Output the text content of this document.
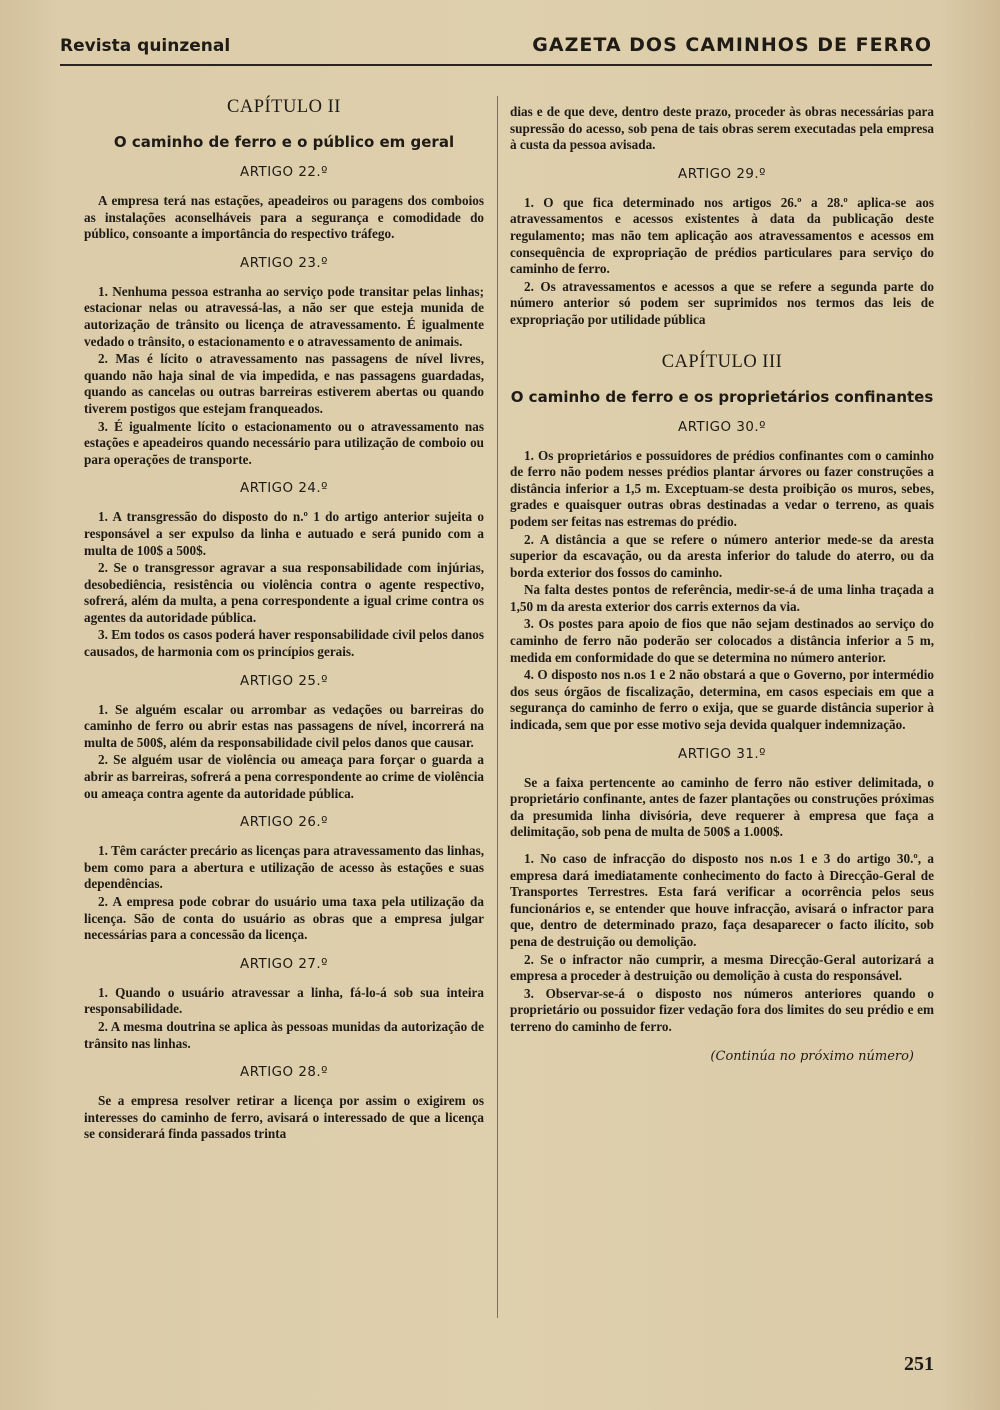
Revista quinzenal	GAZETA DOS CAMINHOS DE FERRO
CAPÍTULO II
O caminho de ferro e o público em geral
ARTIGO 22.º

A empresa terá nas estações, apeadeiros ou paragens dos comboios as instalações aconselháveis para a segurança e comodidade do público, consoante a importância do respectivo tráfego.

ARTIGO 23.º

1. Nenhuma pessoa estranha ao serviço pode transitar pelas linhas; estacionar nelas ou atravessá-las, a não ser que esteja munida de autorização de trânsito ou licença de atravessamento. É igualmente vedado o trânsito, o estacionamento e o atravessamento de animais.

2. Mas é lícito o atravessamento nas passagens de nível livres, quando não haja sinal de via impedida, e nas passagens guardadas, quando as cancelas ou outras barreiras estiverem abertas ou quando tiverem postigos que estejam franqueados.

3. É igualmente lícito o estacionamento ou o atravessamento nas estações e apeadeiros quando necessário para utilização de comboio ou para operações de transporte.

ARTIGO 24.º

1. A transgressão do disposto do n.º 1 do artigo anterior sujeita o responsável a ser expulso da linha e autuado e será punido com a multa de 100$ a 500$.

2. Se o transgressor agravar a sua responsabilidade com injúrias, desobediência, resistência ou violência contra o agente respectivo, sofrerá, além da multa, a pena correspondente a igual crime contra os agentes da autoridade pública.

3. Em todos os casos poderá haver responsabilidade civil pelos danos causados, de harmonia com os princípios gerais.

ARTIGO 25.º

1. Se alguém escalar ou arrombar as vedações ou barreiras do caminho de ferro ou abrir estas nas passagens de nível, incorrerá na multa de 500$, além da responsabilidade civil pelos danos que causar.

2. Se alguém usar de violência ou ameaça para forçar o guarda a abrir as barreiras, sofrerá a pena correspondente ao crime de violência ou ameaça contra agente da autoridade pública.

ARTIGO 26.º

1. Têm carácter precário as licenças para atravessamento das linhas, bem como para a abertura e utilização de acesso às estações e suas dependências.

2. A empresa pode cobrar do usuário uma taxa pela utilização da licença. São de conta do usuário as obras que a empresa julgar necessárias para a concessão da licença.

ARTIGO 27.º

1. Quando o usuário atravessar a linha, fá-lo-á sob sua inteira responsabilidade.

2. A mesma doutrina se aplica às pessoas munidas da autorização de trânsito nas linhas.

ARTIGO 28.º

Se a empresa resolver retirar a licença por assim o exigirem os interesses do caminho de ferro, avisará o interessado de que a licença se considerará finda passados trinta

dias e de que deve, dentro deste prazo, proceder às obras necessárias para supressão do acesso, sob pena de tais obras serem executadas pela empresa à custa da pessoa avisada.

ARTIGO 29.º

1. O que fica determinado nos artigos 26.º a 28.º aplica-se aos atravessamentos e acessos existentes à data da publicação deste regulamento; mas não tem aplicação aos atravessamentos e acessos em consequência de expropriação de prédios particulares para serviço do caminho de ferro.

2. Os atravessamentos e acessos a que se refere a segunda parte do número anterior só podem ser suprimidos nos termos das leis de expropriação por utilidade pública

CAPÍTULO III
O caminho de ferro e os proprietários confinantes
ARTIGO 30.º

1. Os proprietários e possuidores de prédios confinantes com o caminho de ferro não podem nesses prédios plantar árvores ou fazer construções a distância inferior a 1,5 m. Exceptuam-se desta proibição os muros, sebes, grades e quaisquer outras obras destinadas a vedar o terreno, as quais podem ser feitas nas estremas do prédio.

2. A distância a que se refere o número anterior mede-se da aresta superior da escavação, ou da aresta inferior do talude do aterro, ou da borda exterior dos fossos do caminho.

Na falta destes pontos de referência, medir-se-á de uma linha traçada a 1,50 m da aresta exterior dos carris externos da via.

3. Os postes para apoio de fios que não sejam destinados ao serviço do caminho de ferro não poderão ser colocados a distância inferior a 5 m, medida em conformidade do que se determina no número anterior.

4. O disposto nos n.os 1 e 2 não obstará a que o Governo, por intermédio dos seus órgãos de fiscalização, determina, em casos especiais em que a segurança do caminho de ferro o exija, que se guarde distância superior à indicada, sem que por esse motivo seja devida qualquer indemnização.

ARTIGO 31.º

Se a faixa pertencente ao caminho de ferro não estiver delimitada, o proprietário confinante, antes de fazer plantações ou construções próximas da presumida linha divisória, deve requerer à empresa que faça a delimitação, sob pena de multa de 500$ a 1.000$.

1. No caso de infracção do disposto nos n.os 1 e 3 do artigo 30.º, a empresa dará imediatamente conhecimento do facto à Direcção-Geral de Transportes Terrestres. Esta fará verificar a ocorrência pelos seus funcionários e, se entender que houve infracção, avisará o infractor para que, dentro de determinado prazo, faça desaparecer o facto ilícito, sob pena de destruição ou demolição.

2. Se o infractor não cumprir, a mesma Direcção-Geral autorizará a empresa a proceder à destruição ou demolição à custa do responsável.

3. Observar-se-á o disposto nos números anteriores quando o proprietário ou possuidor fizer vedação fora dos limites do seu prédio e em terreno do caminho de ferro.

(Continúa no próximo número)
251
